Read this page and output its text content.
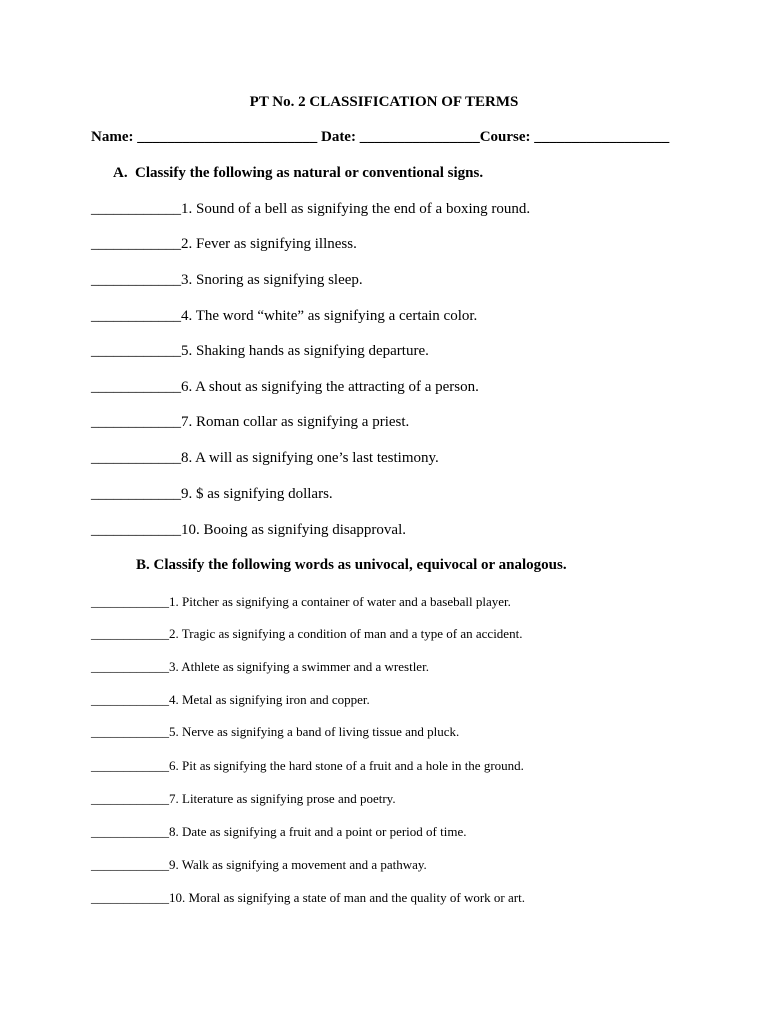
PT No. 2 CLASSIFICATION OF TERMS
Name: ________________________ Date: ________________Course: __________________
A. Classify the following as natural or conventional signs.
____________1. Sound of a bell as signifying the end of a boxing round.
____________2. Fever as signifying illness.
____________3. Snoring as signifying sleep.
____________4. The word “white” as signifying a certain color.
____________5. Shaking hands as signifying departure.
____________6. A shout as signifying the attracting of a person.
____________7. Roman collar as signifying a priest.
____________8. A will as signifying one’s last testimony.
____________9. $ as signifying dollars.
____________10. Booing as signifying disapproval.
B. Classify the following words as univocal, equivocal or analogous.
____________1. Pitcher as signifying a container of water and a baseball player.
____________2. Tragic as signifying a condition of man and a type of an accident.
____________3. Athlete as signifying a swimmer and a wrestler.
____________4. Metal as signifying iron and copper.
____________5. Nerve as signifying a band of living tissue and pluck.
____________6. Pit as signifying the hard stone of a fruit and a hole in the ground.
____________7. Literature as signifying prose and poetry.
____________8. Date as signifying a fruit and a point or period of time.
____________9. Walk as signifying a movement and a pathway.
____________10. Moral as signifying a state of man and the quality of work or art.
